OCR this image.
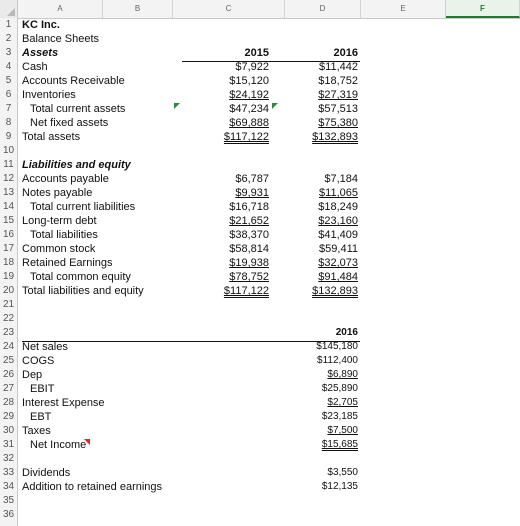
A	B	C	D	E	F
1
2
3
4
5
6
7
8
9
10
11
12
13
14
15
16
17
18
19
20
21
22
23
24
25
26
27
28
29
30
31
32
33
34
35
36
KC Inc.
Balance Sheets
Assets	2015	2016
Cash	$7,922	$11,442
Accounts Receivable	$15,120	$18,752
Inventories	$24,192	$27,319
Total current assets	$47,234	$57,513
Net fixed assets	$69,888	$75,380
Total assets	$117,122	$132,893
Liabilities and equity
Accounts payable	$6,787	$7,184
Notes payable	$9,931	$11,065
Total current liabilities	$16,718	$18,249
Long-term debt	$21,652	$23,160
Total liabilities	$38,370	$41,409
Common stock	$58,814	$59,411
Retained Earnings	$19,938	$32,073
Total common equity	$78,752	$91,484
Total liabilities and equity	$117,122	$132,893
2016
Net sales	$145,180
COGS	$112,400
Dep	$6,890
EBIT	$25,890
Interest Expense	$2,705
EBT	$23,185
Taxes	$7,500
Net Income	$15,685
Dividends	$3,550
Addition to retained earnings	$12,135
